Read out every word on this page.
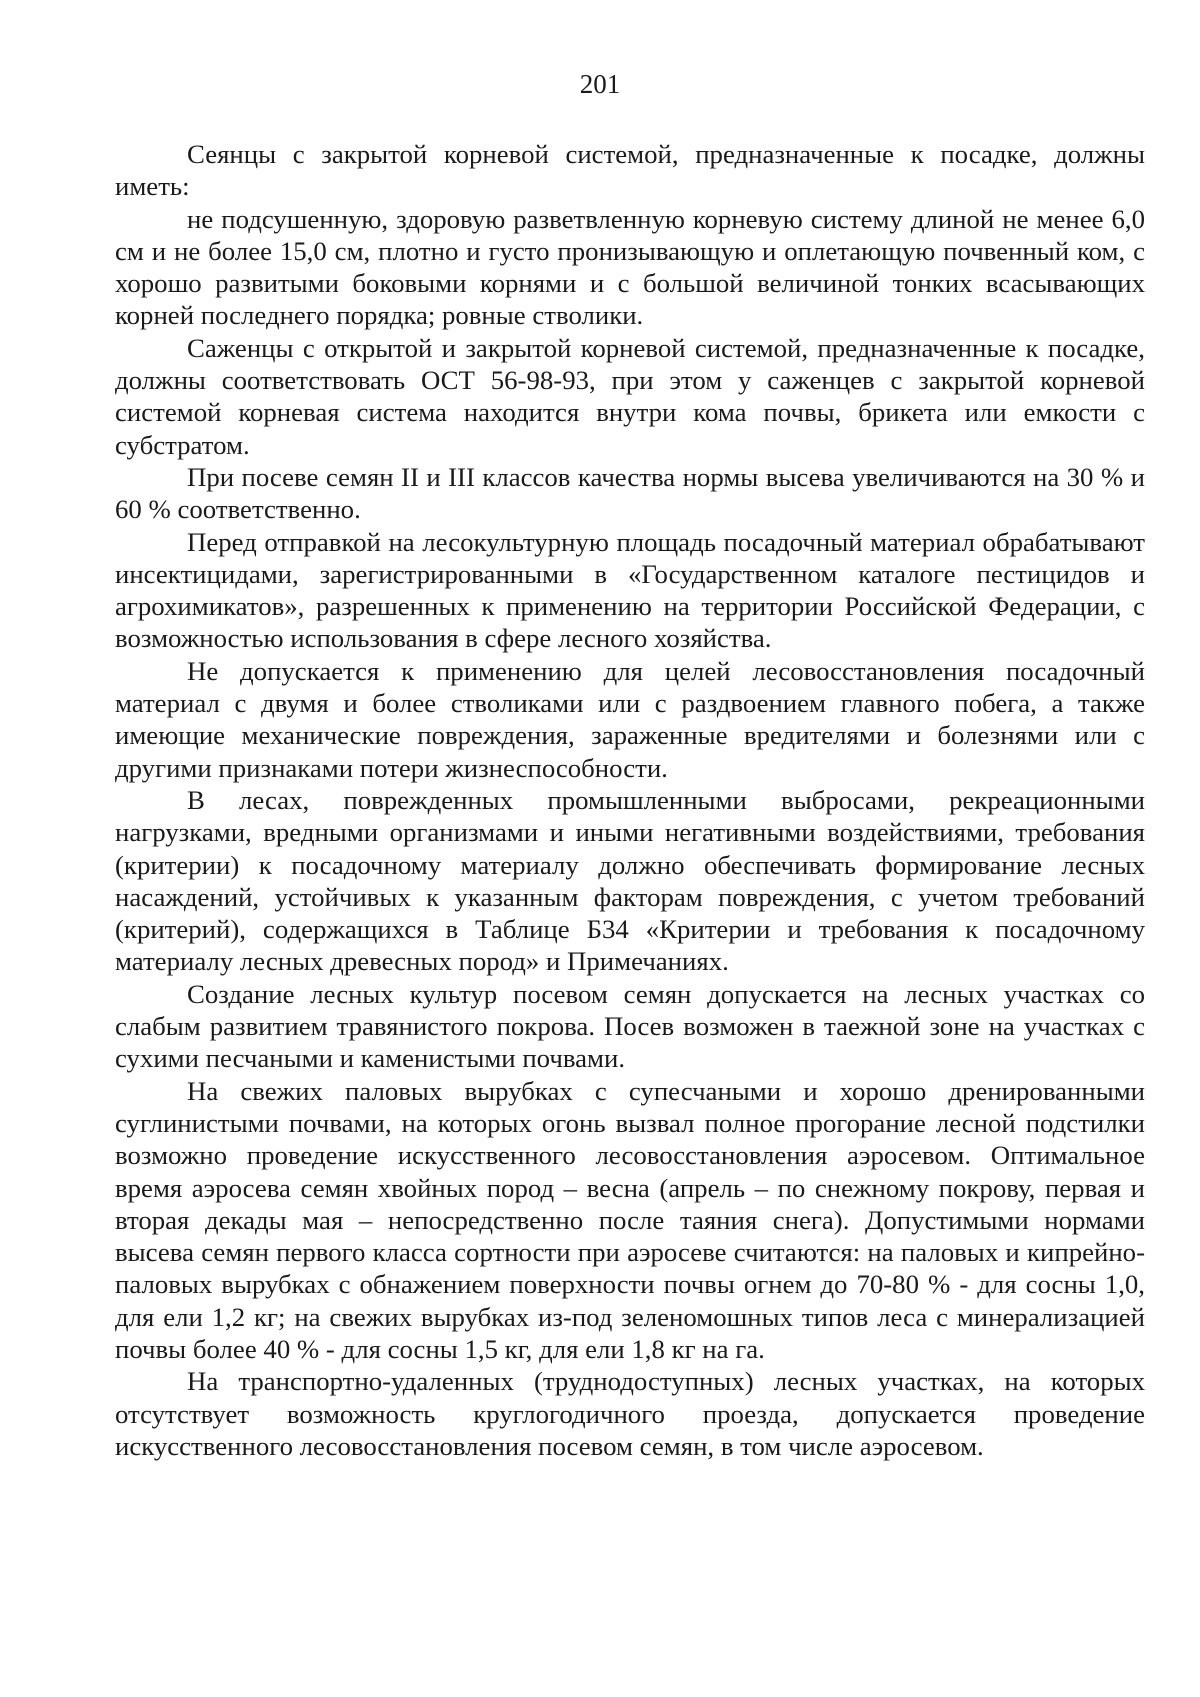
201

Сеянцы с закрытой корневой системой, предназначенные к посадке, должны иметь:

не подсушенную, здоровую разветвленную корневую систему длиной не менее 6,0 см и не более 15,0 см, плотно и густо пронизывающую и оплетающую почвенный ком, с хорошо развитыми боковыми корнями и с большой величиной тонких всасывающих корней последнего порядка; ровные стволики.

Саженцы с открытой и закрытой корневой системой, предназначенные к посадке, должны соответствовать ОСТ 56-98-93, при этом у саженцев с закрытой корневой системой корневая система находится внутри кома почвы, брикета или емкости с субстратом.

При посеве семян II и III классов качества нормы высева увеличиваются на 30 % и 60 % соответственно.

Перед отправкой на лесокультурную площадь посадочный материал обрабатывают инсектицидами, зарегистрированными в «Государственном каталоге пестицидов и агрохимикатов», разрешенных к применению на территории Российской Федерации, с возможностью использования в сфере лесного хозяйства.

Не допускается к применению для целей лесовосстановления посадочный материал с двумя и более стволиками или с раздвоением главного побега, а также имеющие механические повреждения, зараженные вредителями и болезнями или с другими признаками потери жизнеспособности.

В лесах, поврежденных промышленными выбросами, рекреационными нагрузками, вредными организмами и иными негативными воздействиями, требования (критерии) к посадочному материалу должно обеспечивать формирование лесных насаждений, устойчивых к указанным факторам повреждения, с учетом требований (критерий), содержащихся в Таблице Б34 «Критерии и требования к посадочному материалу лесных древесных пород» и Примечаниях.

Создание лесных культур посевом семян допускается на лесных участках со слабым развитием травянистого покрова. Посев возможен в таежной зоне на участках с сухими песчаными и каменистыми почвами.

На свежих паловых вырубках с супесчаными и хорошо дренированными суглинистыми почвами, на которых огонь вызвал полное прогорание лесной подстилки возможно проведение искусственного лесовосстановления аэросевом. Оптимальное время аэросева семян хвойных пород – весна (апрель – по снежному покрову, первая и вторая декады мая – непосредственно после таяния снега). Допустимыми нормами высева семян первого класса сортности при аэросеве считаются: на паловых и кипрейно-паловых вырубках с обнажением поверхности почвы огнем до 70-80 % - для сосны 1,0, для ели 1,2 кг; на свежих вырубках из-под зеленомошных типов леса с минерализацией почвы более 40 % - для сосны 1,5 кг, для ели 1,8 кг на га.

На транспортно-удаленных (труднодоступных) лесных участках, на которых отсутствует возможность круглогодичного проезда, допускается проведение искусственного лесовосстановления посевом семян, в том числе аэросевом.
